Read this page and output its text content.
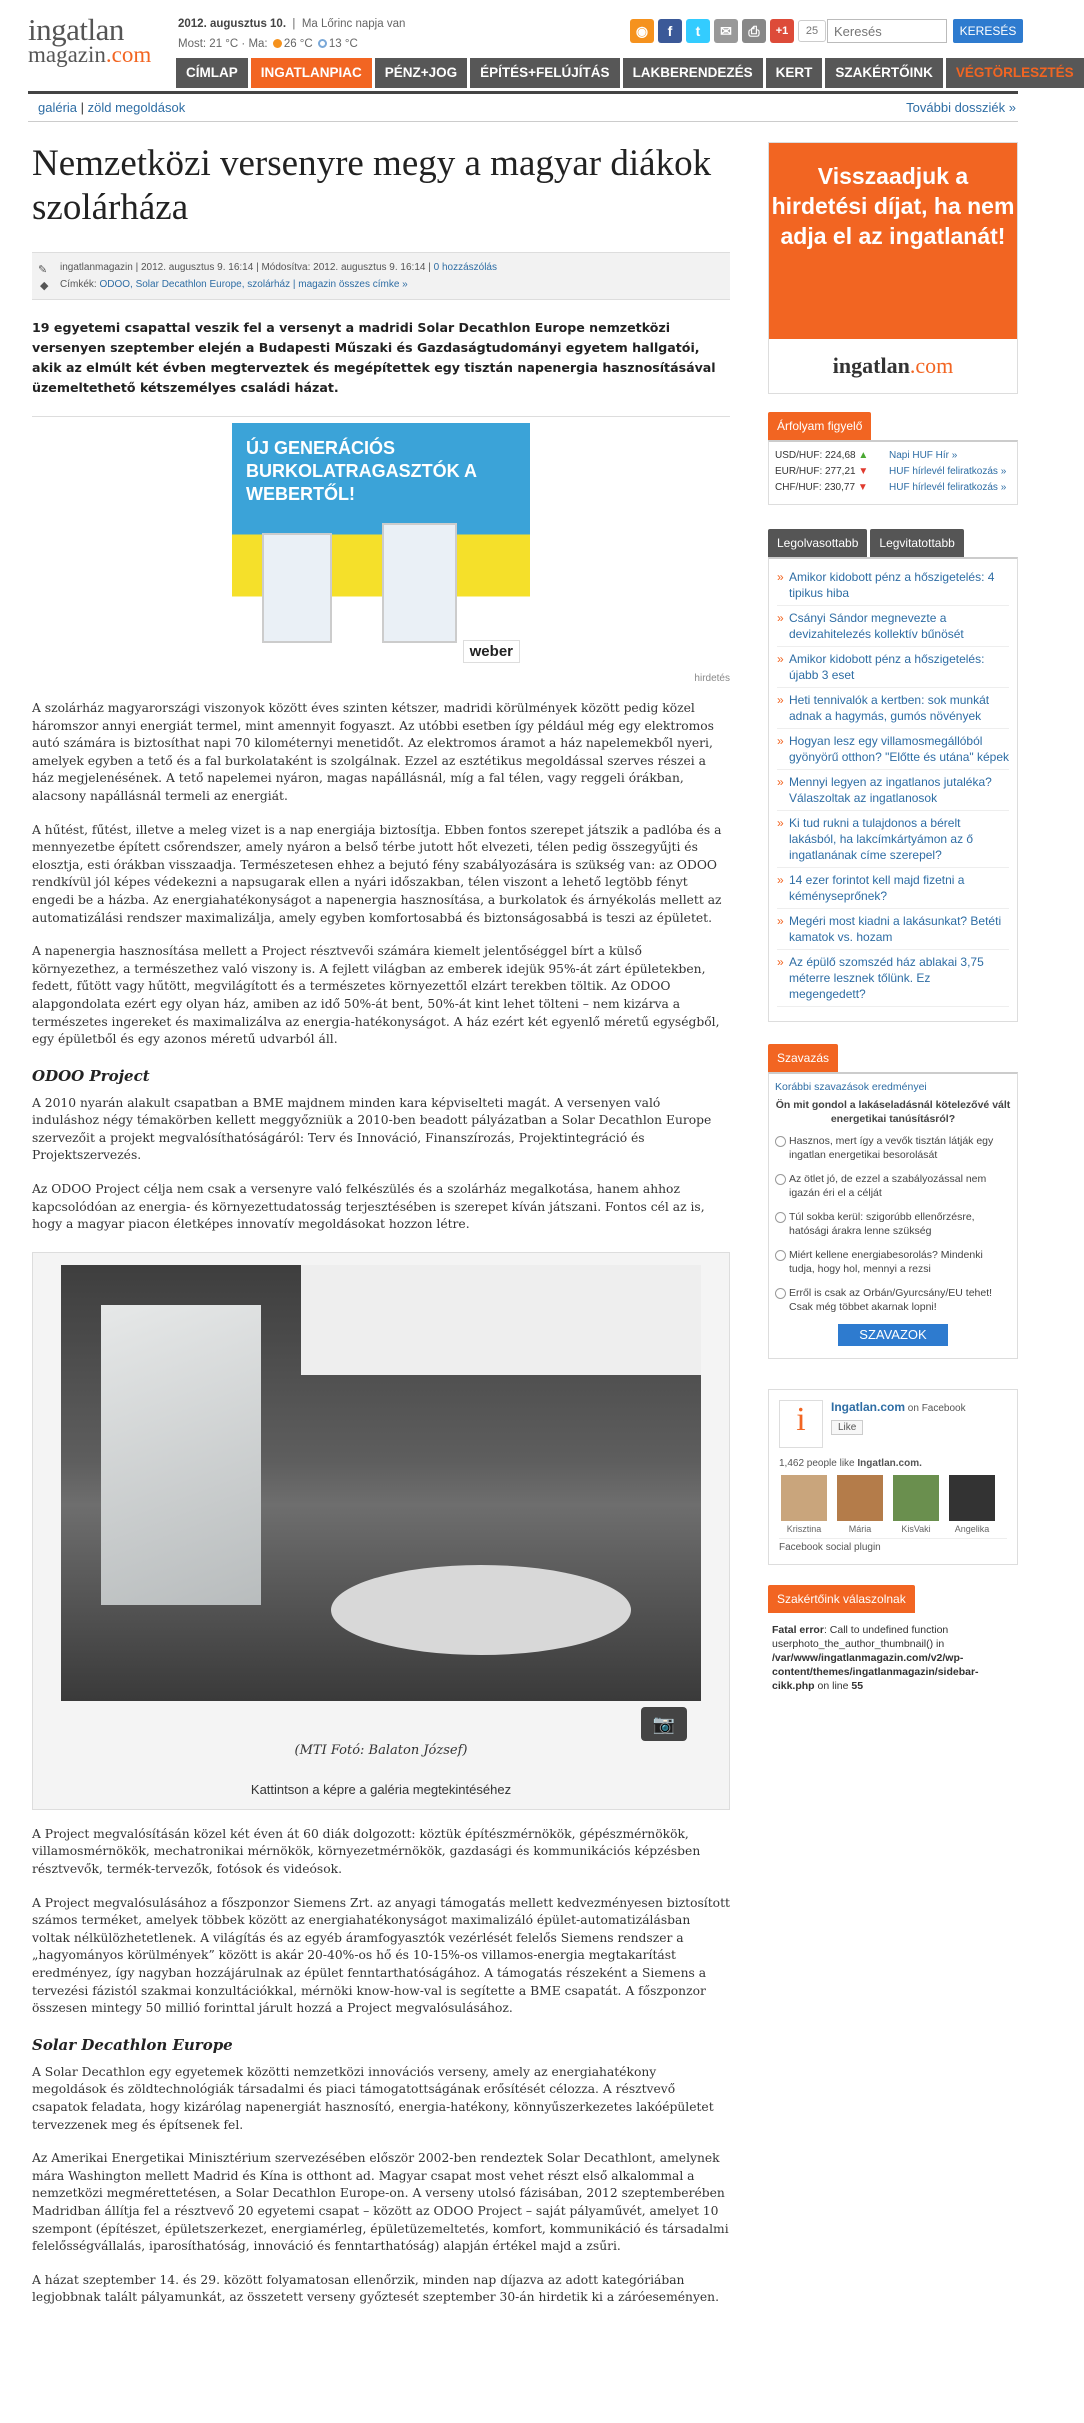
ingatlan
magazin.com
2012. augusztus 10.  |  Ma Lőrinc napja van
Most: 21 °C · Ma: 26 °C 13 °C
◉	f	t	✉	⎙	+1	25
Keresés	KERESÉS
CÍMLAP	INGATLANPIAC	PÉNZ+JOG	ÉPÍTÉS+FELÚJÍTÁS	LAKBERENDEZÉS	KERT	SZAKÉRTŐINK	VÉGTÖRLESZTÉS
galéria | zöld megoldások	További dossziék »
Nemzetközi versenyre megy a magyar diákok szolárháza
✎
◆
ingatlanmagazin | 2012. augusztus 9. 16:14 | Módosítva: 2012. augusztus 9. 16:14 | 0 hozzászólás
Címkék: ODOO, Solar Decathlon Europe, szolárház | magazin összes címke »

19 egyetemi csapattal veszik fel a versenyt a madridi Solar Decathlon Europe nemzetközi versenyen szeptember elején a Budapesti Műszaki és Gazdaságtudományi egyetem hallgatói, akik az elmúlt két évben megterveztek és megépítettek egy tisztán napenergia hasznosításával üzemeltethető kétszemélyes családi házat.

ÚJ GENERÁCIÓS BURKOLATRAGASZTÓK A WEBERTŐL!
weber
hirdetés

A szolárház magyarországi viszonyok között éves szinten kétszer, madridi körülmények között pedig közel háromszor annyi energiát termel, mint amennyit fogyaszt. Az utóbbi esetben így például még egy elektromos autó számára is biztosíthat napi 70 kilométernyi menetidőt. Az elektromos áramot a ház napelemekből nyeri, amelyek egyben a tető és a fal burkolataként is szolgálnak. Ezzel az esztétikus megoldással szerves részei a ház megjelenésének. A tető napelemei nyáron, magas napállásnál, míg a fal télen, vagy reggeli órákban, alacsony napállásnál termeli az energiát.

A hűtést, fűtést, illetve a meleg vizet is a nap energiája biztosítja. Ebben fontos szerepet játszik a padlóba és a mennyezetbe épített csőrendszer, amely nyáron a belső térbe jutott hőt elvezeti, télen pedig összegyűjti és elosztja, esti órákban visszaadja. Természetesen ehhez a bejutó fény szabályozására is szükség van: az ODOO rendkívül jól képes védekezni a napsugarak ellen a nyári időszakban, télen viszont a lehető legtöbb fényt engedi be a házba. Az energiahatékonyságot a napenergia hasznosítása, a burkolatok és árnyékolás mellett az automatizálási rendszer maximalizálja, amely egyben komfortosabbá és biztonságosabbá is teszi az épületet.

A napenergia hasznosítása mellett a Project résztvevői számára kiemelt jelentőséggel bírt a külső környezethez, a természethez való viszony is. A fejlett világban az emberek idejük 95%-át zárt épületekben, fedett, fűtött vagy hűtött, megvilágított és a természetes környezettől elzárt terekben töltik. Az ODOO alapgondolata ezért egy olyan ház, amiben az idő 50%-át bent, 50%-át kint lehet tölteni – nem kizárva a természetes ingereket és maximalizálva az energia-hatékonyságot. A ház ezért két egyenlő méretű egységből, egy épületből és egy azonos méretű udvarból áll.

ODOO Project

A 2010 nyarán alakult csapatban a BME majdnem minden kara képviselteti magát. A versenyen való induláshoz négy témakörben kellett meggyőzniük a 2010-ben beadott pályázatban a Solar Decathlon Europe szervezőit a projekt megvalósíthatóságáról: Terv és Innováció, Finanszírozás, Projektintegráció és Projektszervezés.

Az ODOO Project célja nem csak a versenyre való felkészülés és a szolárház megalkotása, hanem ahhoz kapcsolódóan az energia- és környezettudatosság terjesztésében is szerepet kíván játszani. Fontos cél az is, hogy a magyar piacon életképes innovatív megoldásokat hozzon létre.

📷
(MTI Fotó: Balaton József)
Kattintson a képre a galéria megtekintéséhez

A Project megvalósításán közel két éven át 60 diák dolgozott: köztük építészmérnökök, gépészmérnökök, villamosmérnökök, mechatronikai mérnökök, környezetmérnökök, gazdasági és kommunikációs képzésben résztvevők, termék-tervezők, fotósok és videósok.

A Project megvalósulásához a főszponzor Siemens Zrt. az anyagi támogatás mellett kedvezményesen biztosított számos terméket, amelyek többek között az energiahatékonyságot maximalizáló épület-automatizálásban voltak nélkülözhetetlenek. A világítás és az egyéb áramfogyasztók vezérlését felelős Siemens rendszer a „hagyományos körülmények” között is akár 20-40%-os hő és 10-15%-os villamos-energia megtakarítást eredményez, így nagyban hozzájárulnak az épület fenntarthatóságához. A támogatás részeként a Siemens a tervezési fázistól szakmai konzultációkkal, mérnöki know-how-val is segítette a BME csapatát. A főszponzor összesen mintegy 50 millió forinttal járult hozzá a Project megvalósulásához.

Solar Decathlon Europe

A Solar Decathlon egy egyetemek közötti nemzetközi innovációs verseny, amely az energiahatékony megoldások és zöldtechnológiák társadalmi és piaci támogatottságának erősítését célozza. A résztvevő csapatok feladata, hogy kizárólag napenergiát hasznosító, energia-hatékony, könnyűszerkezetes lakóépületet tervezzenek meg és építsenek fel.

Az Amerikai Energetikai Minisztérium szervezésében először 2002-ben rendeztek Solar Decathlont, amelynek mára Washington mellett Madrid és Kína is otthont ad. Magyar csapat most vehet részt első alkalommal a nemzetközi megmérettetésen, a Solar Decathlon Europe-on. A verseny utolsó fázisában, 2012 szeptemberében Madridban állítja fel a résztvevő 20 egyetemi csapat – között az ODOO Project – saját pályaművét, amelyet 10 szempont (építészet, épületszerkezet, energiamérleg, épületüzemeltetés, komfort, kommunikáció és társadalmi felelősségvállalás, iparosíthatóság, innováció és fenntarthatóság) alapján értékel majd a zsűri.

A házat szeptember 14. és 29. között folyamatosan ellenőrzik, minden nap díjazva az adott kategóriában legjobbnak talált pályamunkát, az összetett verseny győztesét szeptember 30-án hirdetik ki a záróeseményen.

Visszaadjuk a hirdetési díjat, ha nem adja el az ingatlanát!
ingatlan.com
Árfolyam figyelő
USD/HUF: 224,68 ▲	Napi HUF Hír »
EUR/HUF: 277,21 ▼	HUF hírlevél feliratkozás »
CHF/HUF: 230,77 ▼	HUF hírlevél feliratkozás »
Legolvasottabb	Legvitatottabb
» Amikor kidobott pénz a hőszigetelés: 4 tipikus hiba
» Csányi Sándor megnevezte a devizahitelezés kollektív bűnösét
» Amikor kidobott pénz a hőszigetelés: újabb 3 eset
» Heti tennivalók a kertben: sok munkát adnak a hagymás, gumós növények
» Hogyan lesz egy villamosmegállóból gyönyörű otthon? "Előtte és utána" képek
» Mennyi legyen az ingatlanos jutaléka? Válaszoltak az ingatlanosok
» Ki tud rukni a tulajdonos a bérelt lakásból, ha lakcímkártyámon az ő ingatlanának címe szerepel?
» 14 ezer forintot kell majd fizetni a kéményseprőnek?
» Megéri most kiadni a lakásunkat? Betéti kamatok vs. hozam
» Az épülő szomszéd ház ablakai 3,75 méterre lesznek tőlünk. Ez megengedett?
Szavazás
Korábbi szavazások eredményei
Ön mit gondol a lakáseladásnál kötelezővé vált energetikai tanúsításról?
Hasznos, mert így a vevők tisztán látják egy ingatlan energetikai besorolását
Az ötlet jó, de ezzel a szabályozással nem igazán éri el a célját
Túl sokba kerül: szigorúbb ellenőrzésre, hatósági árakra lenne szükség
Miért kellene energiabesorolás? Mindenki tudja, hogy hol, mennyi a rezsi
Erről is csak az Orbán/Gyurcsány/EU tehet! Csak még többet akarnak lopni!
SZAVAZOK
i	Ingatlan.com on Facebook
Like
1,462 people like Ingatlan.com.
Krisztina	Mária	KisVaki	Angelika
Facebook social plugin
Szakértőink válaszolnak
Fatal error: Call to undefined function userphoto_the_author_thumbnail() in /var/www/ingatlanmagazin.com/v2/wp-content/themes/ingatlanmagazin/sidebar-cikk.php on line 55
